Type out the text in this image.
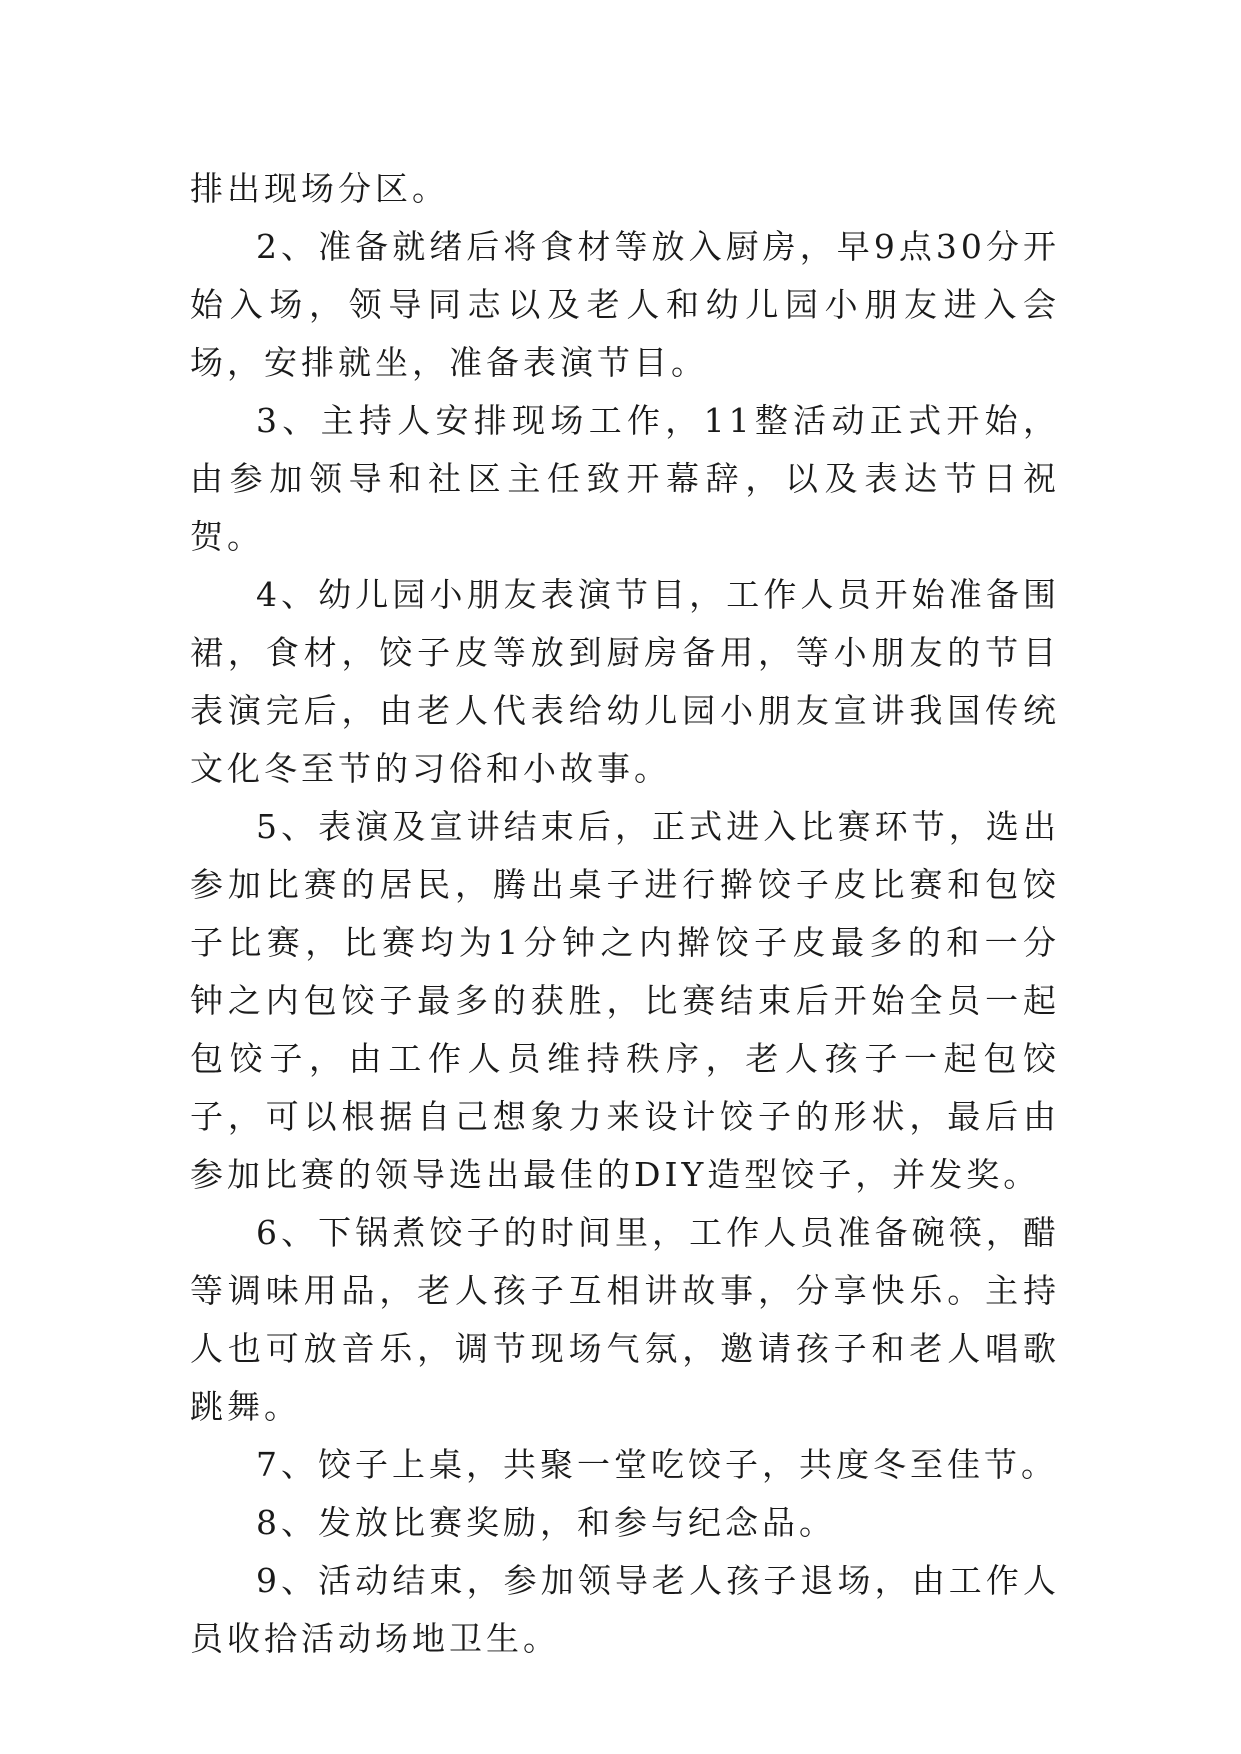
排出现场分区。

2、准备就绪后将食材等放入厨房，早9点30分开始入场，领导同志以及老人和幼儿园小朋友进入会场，安排就坐，准备表演节目。

3、主持人安排现场工作，11整活动正式开始，由参加领导和社区主任致开幕辞，以及表达节日祝贺。

4、幼儿园小朋友表演节目，工作人员开始准备围裙，食材，饺子皮等放到厨房备用，等小朋友的节目表演完后，由老人代表给幼儿园小朋友宣讲我国传统文化冬至节的习俗和小故事。

5、表演及宣讲结束后，正式进入比赛环节，选出参加比赛的居民，腾出桌子进行擀饺子皮比赛和包饺子比赛，比赛均为1分钟之内擀饺子皮最多的和一分钟之内包饺子最多的获胜，比赛结束后开始全员一起包饺子，由工作人员维持秩序，老人孩子一起包饺子，可以根据自己想象力来设计饺子的形状，最后由参加比赛的领导选出最佳的DIY造型饺子，并发奖。

6、下锅煮饺子的时间里，工作人员准备碗筷，醋等调味用品，老人孩子互相讲故事，分享快乐。主持人也可放音乐，调节现场气氛，邀请孩子和老人唱歌跳舞。

7、饺子上桌，共聚一堂吃饺子，共度冬至佳节。

8、发放比赛奖励，和参与纪念品。

9、活动结束，参加领导老人孩子退场，由工作人员收拾活动场地卫生。
